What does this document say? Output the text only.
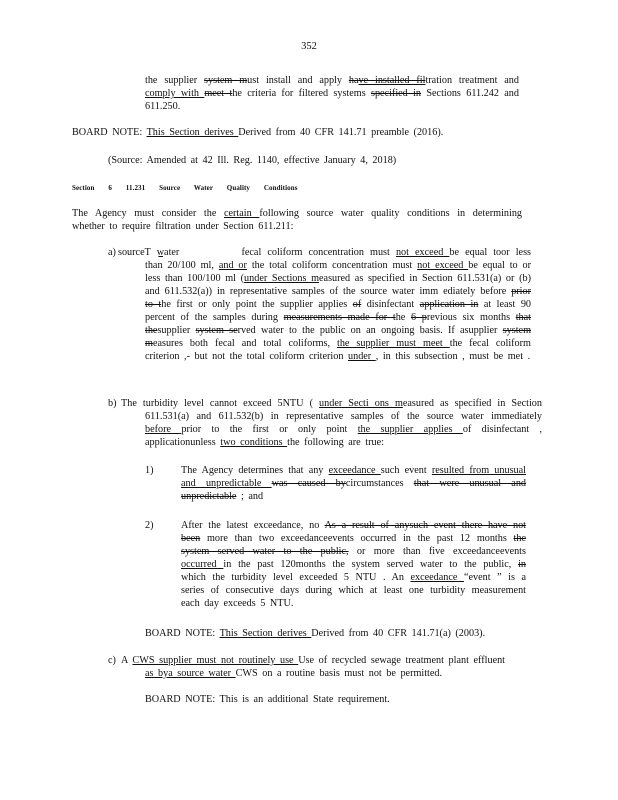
352
the supplier system must install and apply have installed filtration treatment and comply with meet the criteria for filtered systems specified in Sections 611.242 and 611.250.
BOARD NOTE: This Section derives Derived from 40 CFR 141.71 preamble (2016).
(Source: Amended at 42 Ill. Reg. 1140, effective January 4, 2018)
Section 6 11.231 Source Water Quality Conditions
The Agency must consider the certain following source water quality conditions in determining whether to require filtration under Section 611.211:
a) sourceT water	fecal coliform concentration must not exceed be equal toor less than 20/100 ml, and or the total coliform concentration must not exceed be equal to or less than 100/100 ml (under Sections measured as specified in Section 611.531(a) or (b) and 611.532(a)) in representative samples of the source water imm ediately before prior to the first or only point the supplier applies of disinfectant application in at least 90 percent of the samples during measurements made for the 6 previous six months that thesupplier system served water to the public on an ongoing basis. If asupplier system measures both fecal and total coliforms, the supplier must meet the fecal coliform criterion ,- but not the total coliform criterion under , in this subsection , must be met .
b) The turbidity level cannot exceed 5NTU ( under Secti ons measured as specified in Section 611.531(a) and 611.532(b) in representative samples of the source water immediately before prior to the first or only point the supplier applies of disinfectant , applicationunless two conditions the following are true:
1)	The Agency determines that any exceedance such event resulted from unusual and unpredictable was caused bycircumstances that were unusual and unpredictable ; and
2)	After the latest exceedance, no As a result of anysuch event there have not been more than two exceedanceevents occurred in the past 12 months the system served water to the public, or more than five exceedanceevents occurred in the past 120months the system served water to the public, in which the turbidity level exceeded 5 NTU . An exceedance “event ” is a series of consecutive days during which at least one turbidity measurement each day exceeds 5 NTU.
BOARD NOTE: This Section derives Derived from 40 CFR 141.71(a) (2003).
c) A CWS supplier must not routinely use Use of recycled sewage treatment plant effluent as bya source water CWS on a routine basis must not be permitted.
BOARD NOTE: This is an additional State requirement.
